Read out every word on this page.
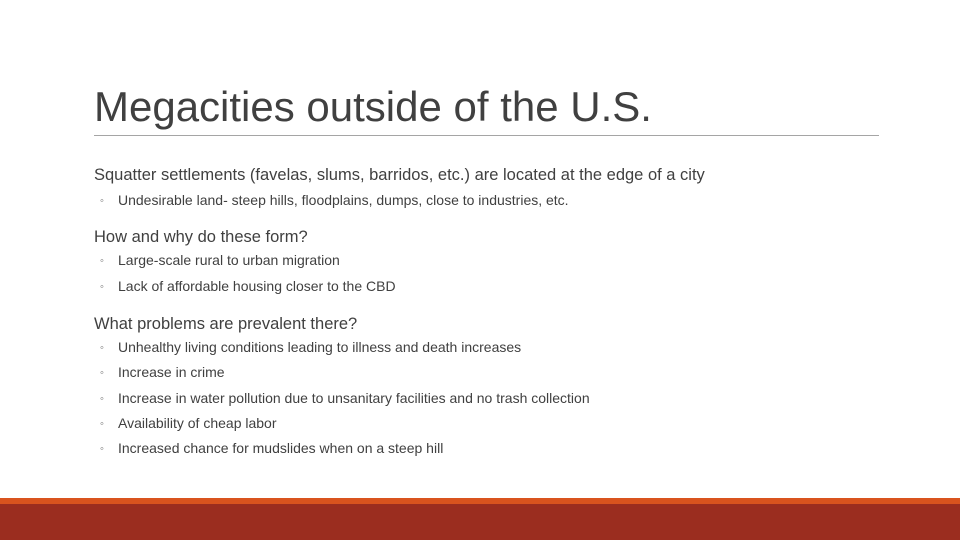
Megacities outside of the U.S.

Squatter settlements (favelas, slums, barridos, etc.) are located at the edge of a city

◦ Undesirable land- steep hills, floodplains, dumps, close to industries, etc.

How and why do these form?

◦ Large-scale rural to urban migration

◦ Lack of affordable housing closer to the CBD

What problems are prevalent there?

◦ Unhealthy living conditions leading to illness and death increases

◦ Increase in crime

◦ Increase in water pollution due to unsanitary facilities and no trash collection

◦ Availability of cheap labor

◦ Increased chance for mudslides when on a steep hill
